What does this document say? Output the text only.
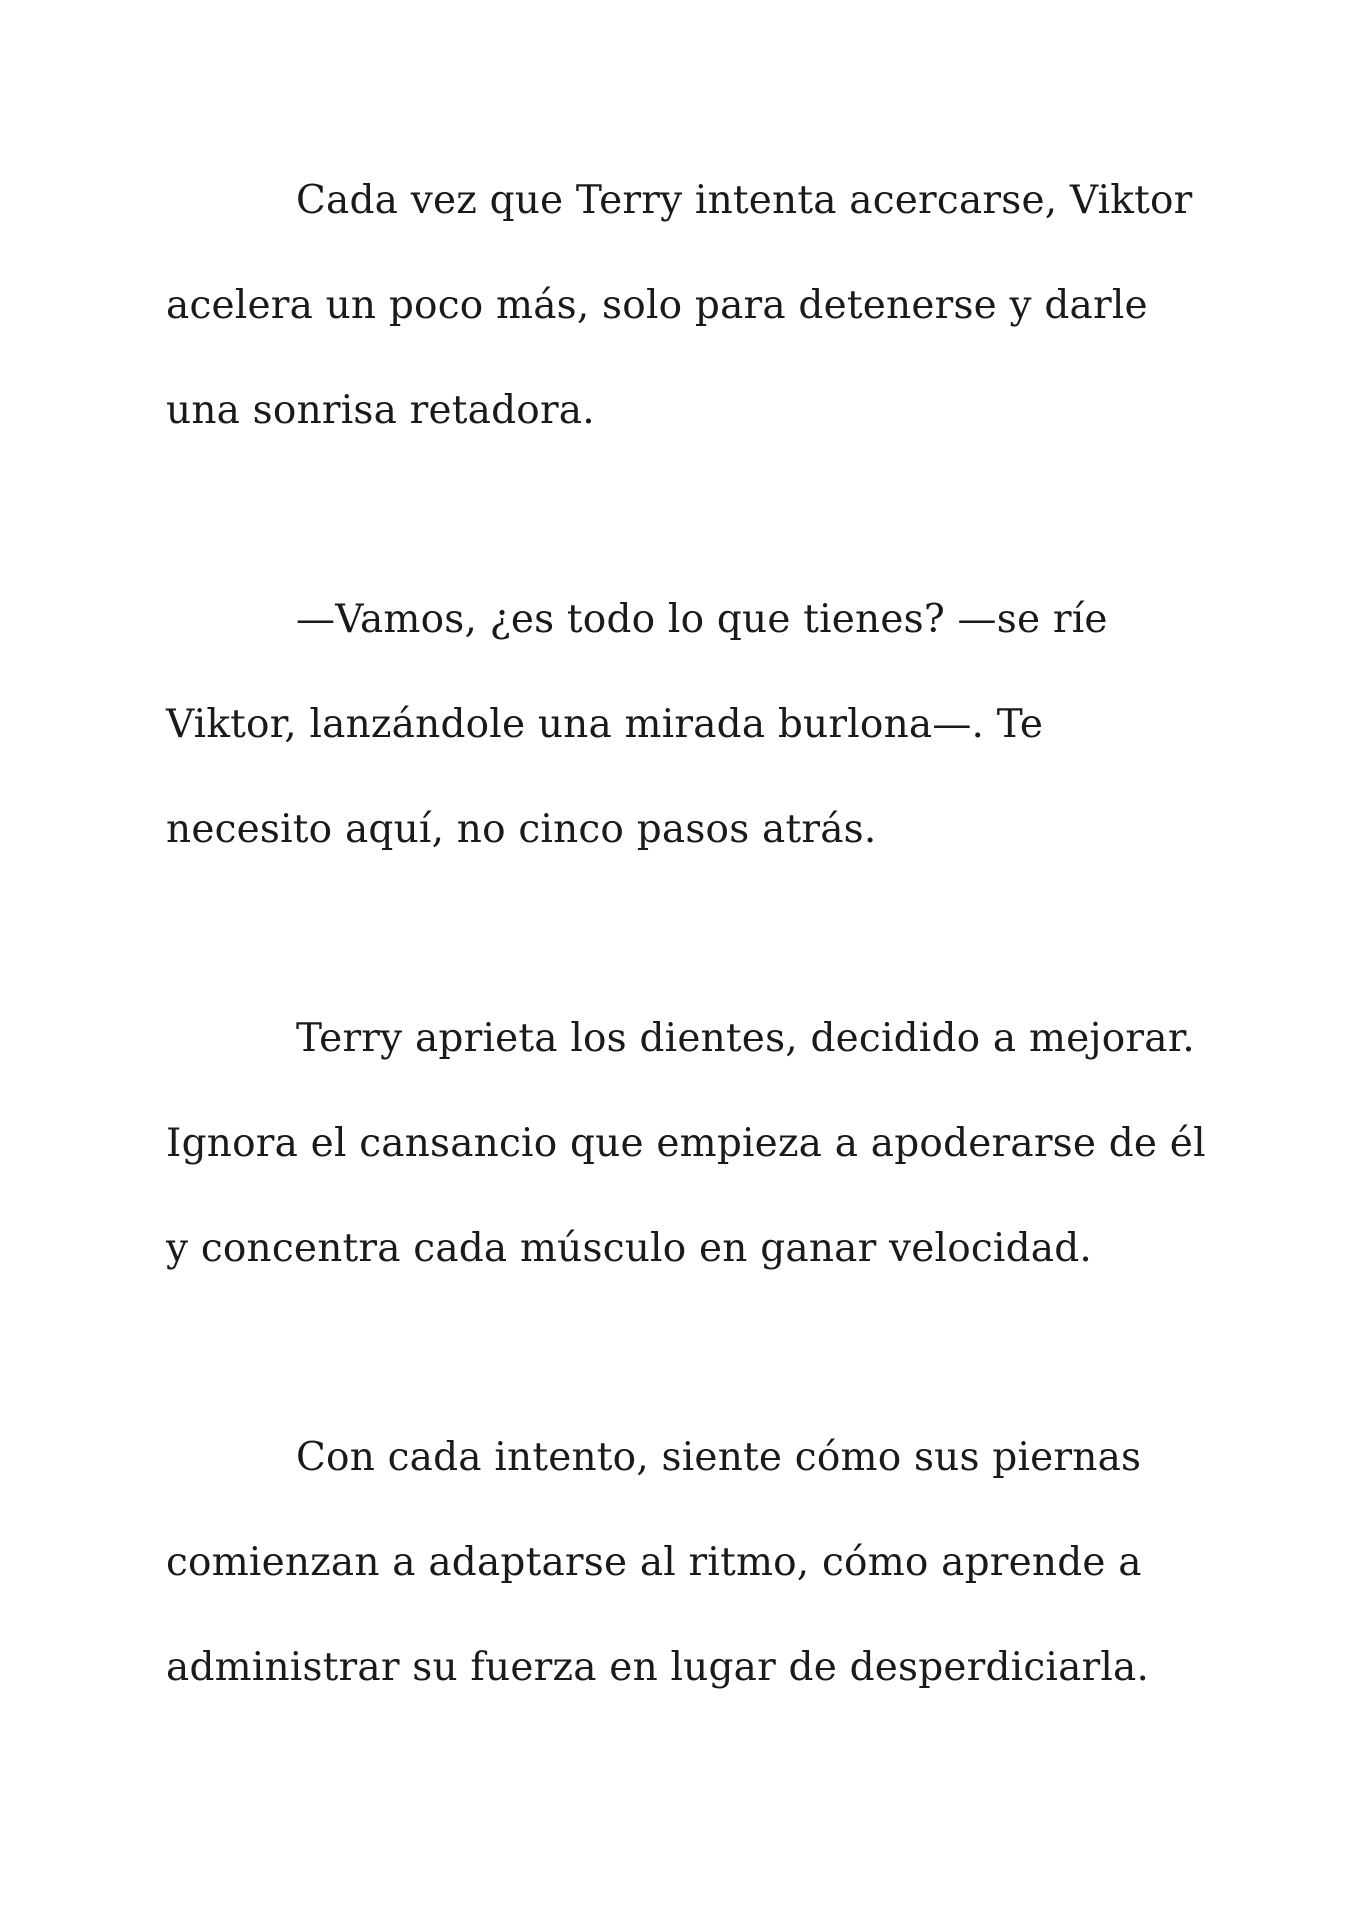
Cada vez que Terry intenta acercarse, Viktor
acelera un poco más, solo para detenerse y darle
una sonrisa retadora.

—Vamos, ¿es todo lo que tienes? —se ríe
Viktor, lanzándole una mirada burlona—. Te
necesito aquí, no cinco pasos atrás.

Terry aprieta los dientes, decidido a mejorar.
Ignora el cansancio que empieza a apoderarse de él
y concentra cada músculo en ganar velocidad.

Con cada intento, siente cómo sus piernas
comienzan a adaptarse al ritmo, cómo aprende a
administrar su fuerza en lugar de desperdiciarla.
